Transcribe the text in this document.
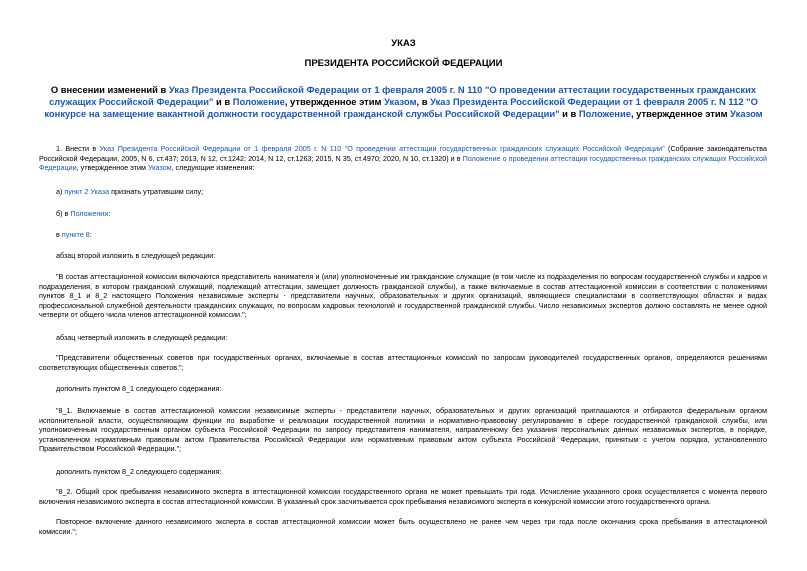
УКАЗ
ПРЕЗИДЕНТА РОССИЙСКОЙ ФЕДЕРАЦИИ
О внесении изменений в Указ Президента Российской Федерации от 1 февраля 2005 г. N 110 "О проведении аттестации государственных гражданских служащих Российской Федерации" и в Положение, утвержденное этим Указом, в Указ Президента Российской Федерации от 1 февраля 2005 г. N 112 "О конкурсе на замещение вакантной должности государственной гражданской службы Российской Федерации" и в Положение, утвержденное этим Указом
1. Внести в Указ Президента Российской Федерации от 1 февраля 2005 г. N 110 "О проведении аттестации государственных гражданских служащих Российской Федерации" (Собрание законодательства Российской Федерации, 2005, N 6, ст.437; 2013, N 12, ст.1242; 2014, N 12, ст.1263; 2015, N 35, ст.4970; 2020, N 10, ст.1320) и в Положение о проведении аттестации государственных гражданских служащих Российской Федерации, утвержденное этим Указом, следующие изменения:
а) пункт 2 Указа признать утратившим силу;
б) в Положении:
в пункте 8:
абзац второй изложить в следующей редакции:
"В состав аттестационной комиссии включаются представитель нанимателя и (или) уполномоченные им гражданские служащие (в том числе из подразделения по вопросам государственной службы и кадров и подразделения, в котором гражданский служащий, подлежащий аттестации, замещает должность гражданской службы), а также включаемые в состав аттестационной комиссии в соответствии с положениями пунктов 8_1 и 8_2 настоящего Положения независимые эксперты - представители научных, образовательных и других организаций, являющиеся специалистами в соответствующих областях и видах профессиональной служебной деятельности гражданских служащих, по вопросам кадровых технологий и государственной гражданской службы. Число независимых экспертов должно составлять не менее одной четверти от общего числа членов аттестационной комиссии.";
абзац четвертый изложить в следующей редакции:
"Представители общественных советов при государственных органах, включаемые в состав аттестационных комиссий по запросам руководителей государственных органов, определяются решениями соответствующих общественных советов.";
дополнить пунктом 8_1 следующего содержания:
"8_1. Включаемые в состав аттестационной комиссии независимые эксперты - представители научных, образовательных и других организаций приглашаются и отбираются федеральным органом исполнительной власти, осуществляющим функции по выработке и реализации государственной политики и нормативно-правовому регулированию в сфере государственной гражданской службы, или уполномоченным государственным органом субъекта Российской Федерации по запросу представителя нанимателя, направленному без указания персональных данных независимых экспертов, в порядке, установленном нормативным правовым актом Правительства Российской Федерации или нормативным правовым актом субъекта Российской Федерации, принятым с учетом порядка, установленного Правительством Российской Федерации.";
дополнить пунктом 8_2 следующего содержания:
"8_2. Общий срок пребывания независимого эксперта в аттестационной комиссии государственного органа не может превышать три года. Исчисление указанного срока осуществляется с момента первого включения независимого эксперта в состав аттестационной комиссии. В указанный срок засчитывается срок пребывания независимого эксперта в конкурсной комиссии этого государственного органа.
Повторное включение данного независимого эксперта в состав аттестационной комиссии может быть осуществлено не ранее чем через три года после окончания срока пребывания в аттестационной комиссии.";
